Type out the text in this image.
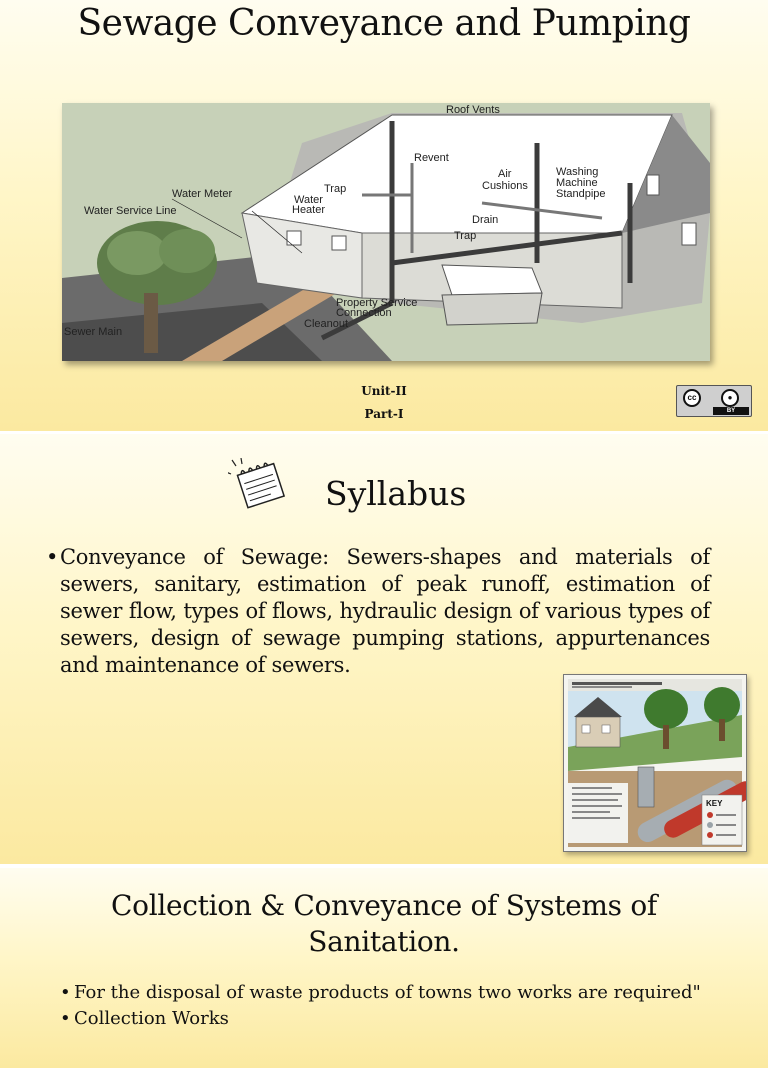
Sewage Conveyance and Pumping
Roof Vents
Revent
Air
Cushions
Washing
Machine
Standpipe
Trap
Water
Heater
Water Meter
Water Service Line
Drain
Trap
Property Service
Connection
Cleanout
Sewer Main
Unit-II
Part-I
cc	●
BY
Syllabus
• Conveyance of Sewage: Sewers-shapes and materials of sewers, sanitary, estimation of peak runoff, estimation of sewer flow, types of flows, hydraulic design of various types of sewers, design of sewage pumping stations, appurtenances and maintenance of sewers.
KEY
Collection & Conveyance of Systems of Sanitation.
• For the disposal of waste products of towns two works are required"
• Collection Works
